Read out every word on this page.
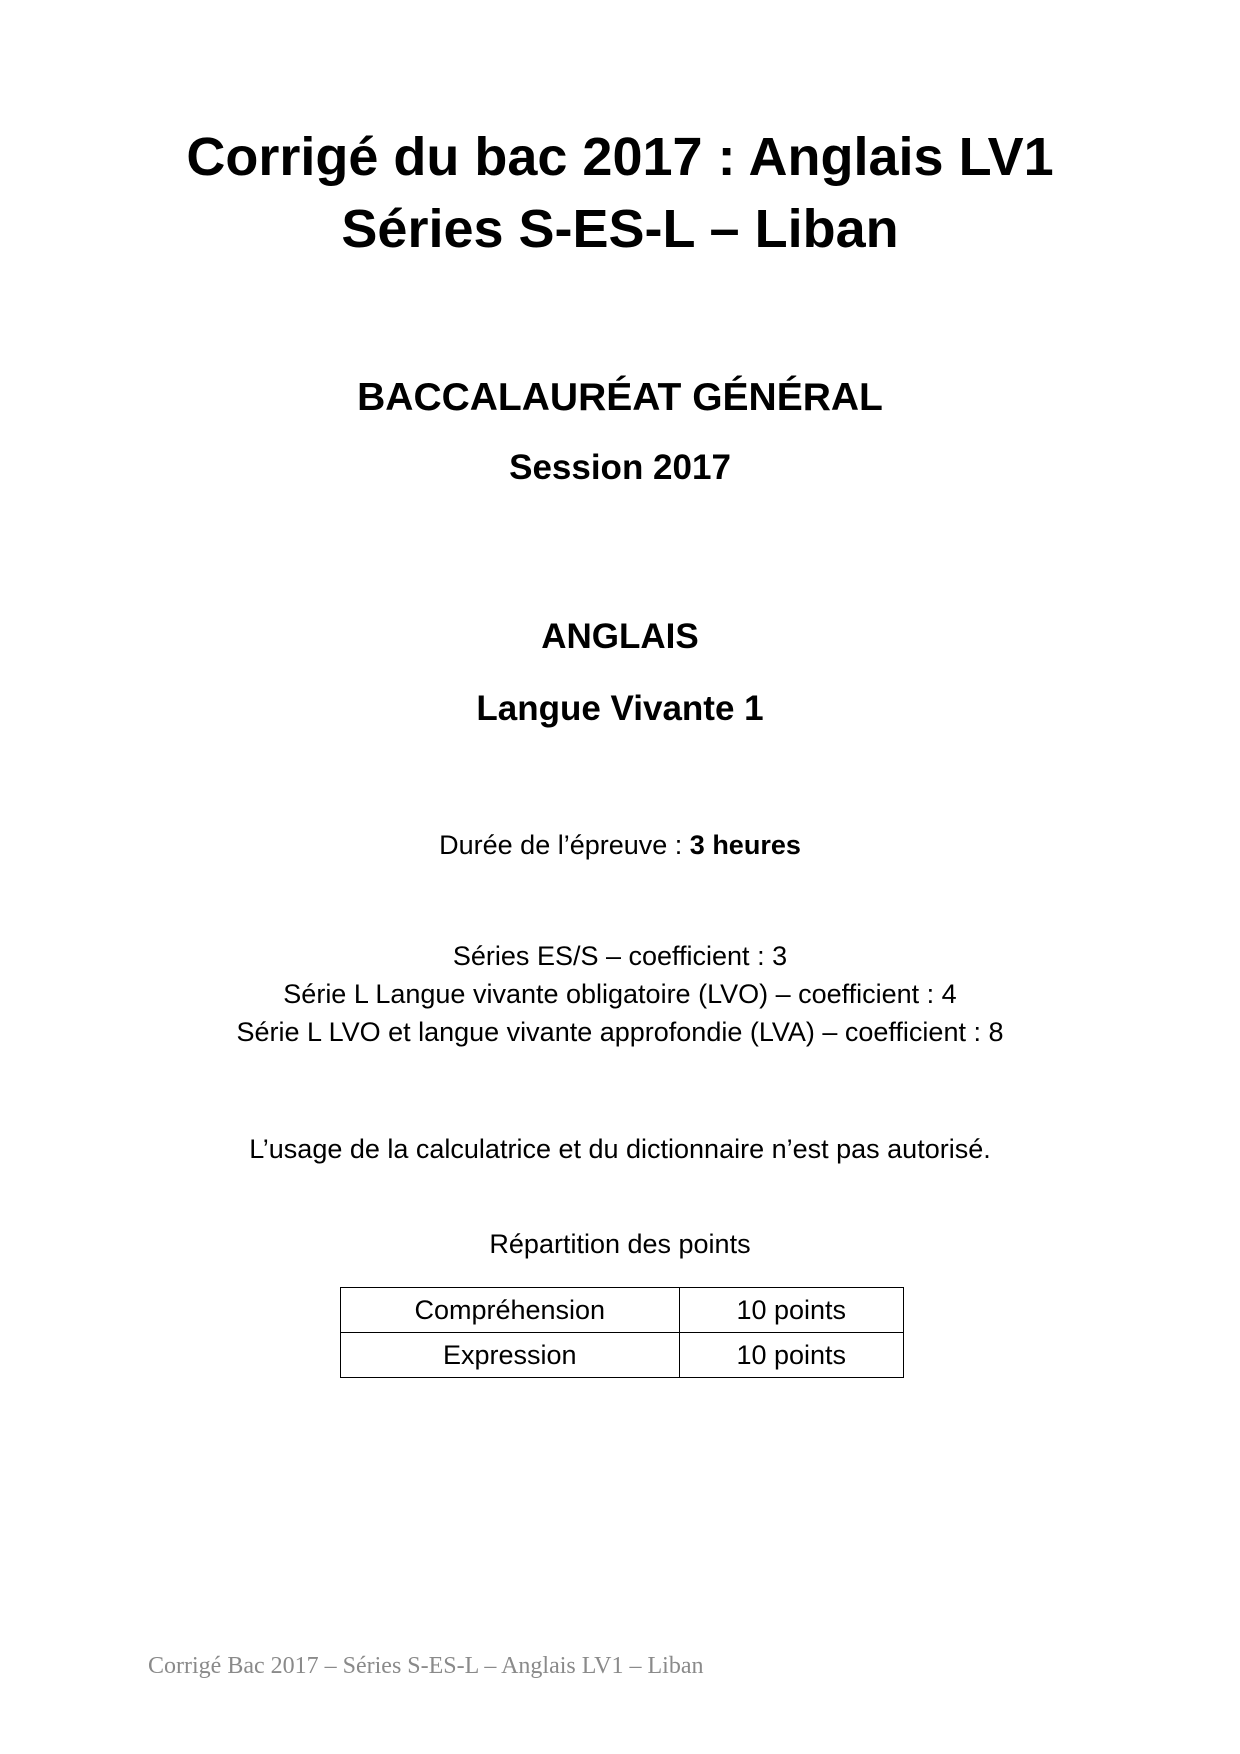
Corrigé du bac 2017 : Anglais LV1
Séries S-ES-L – Liban
BACCALAURÉAT GÉNÉRAL
Session 2017
ANGLAIS
Langue Vivante 1
Durée de l’épreuve : 3 heures
Séries ES/S – coefficient : 3
Série L Langue vivante obligatoire (LVO) – coefficient : 4
Série L LVO et langue vivante approfondie (LVA) – coefficient : 8
L’usage de la calculatrice et du dictionnaire n’est pas autorisé.
Répartition des points
Compréhension	10 points
Expression	10 points
Corrigé Bac 2017 – Séries S-ES-L – Anglais LV1 – Liban
